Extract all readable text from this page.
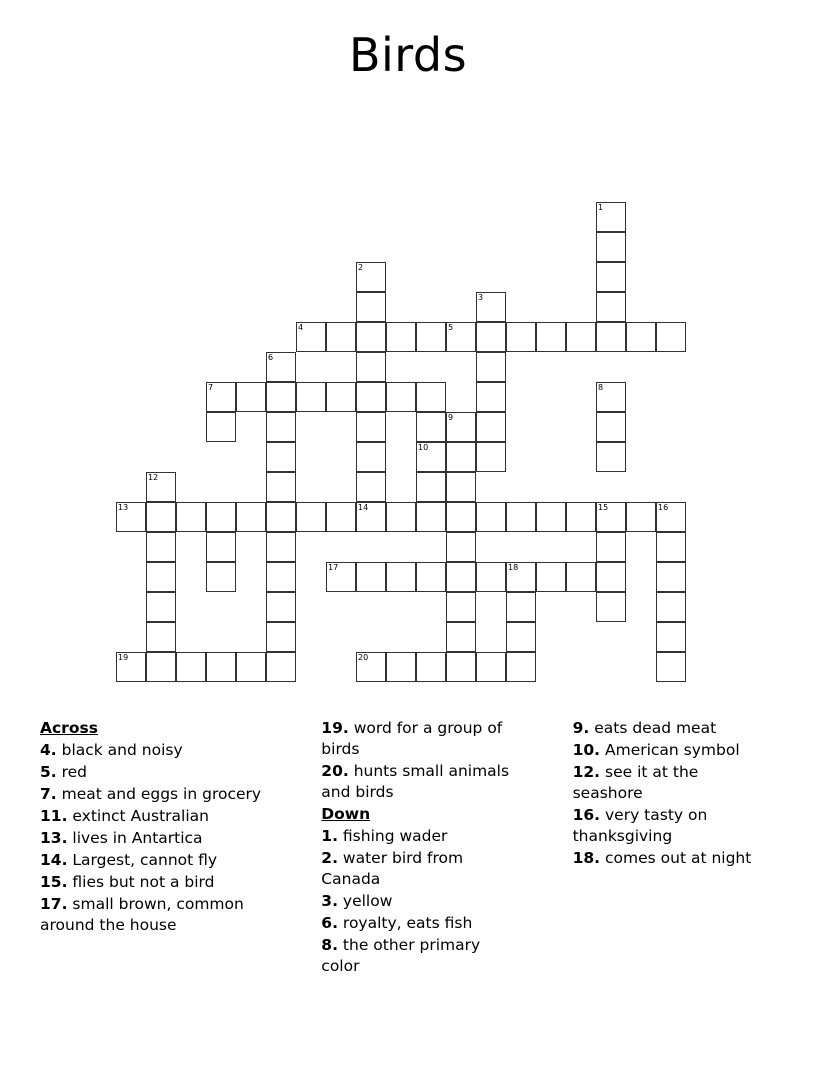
Birds
1
2
3
4	5
6
7	8
9
10
12
13	14	15	16
17	18
19	20
Across
4. black and noisy
5. red
7. meat and eggs in grocery
11. extinct Australian
13. lives in Antartica
14. Largest, cannot fly
15. flies but not a bird
17. small brown, common around the house
19. word for a group of birds
20. hunts small animals and birds
Down
1. fishing wader
2. water bird from Canada
3. yellow
6. royalty, eats fish
8. the other primary color
9. eats dead meat
10. American symbol
12. see it at the seashore
16. very tasty on thanksgiving
18. comes out at night
